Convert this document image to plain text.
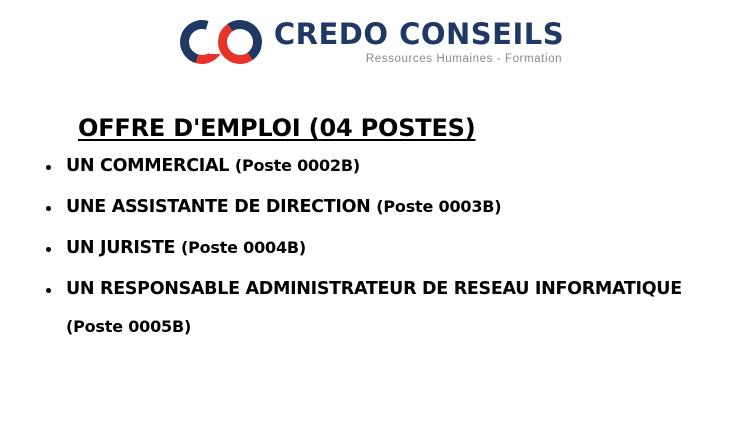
CREDO CONSEILS
Ressources Humaines - Formation
OFFRE D'EMPLOI (04 POSTES)
UN COMMERCIAL (Poste 0002B)
UNE ASSISTANTE DE DIRECTION (Poste 0003B)
UN JURISTE (Poste 0004B)
UN RESPONSABLE ADMINISTRATEUR DE RESEAU INFORMATIQUE
(Poste 0005B)
